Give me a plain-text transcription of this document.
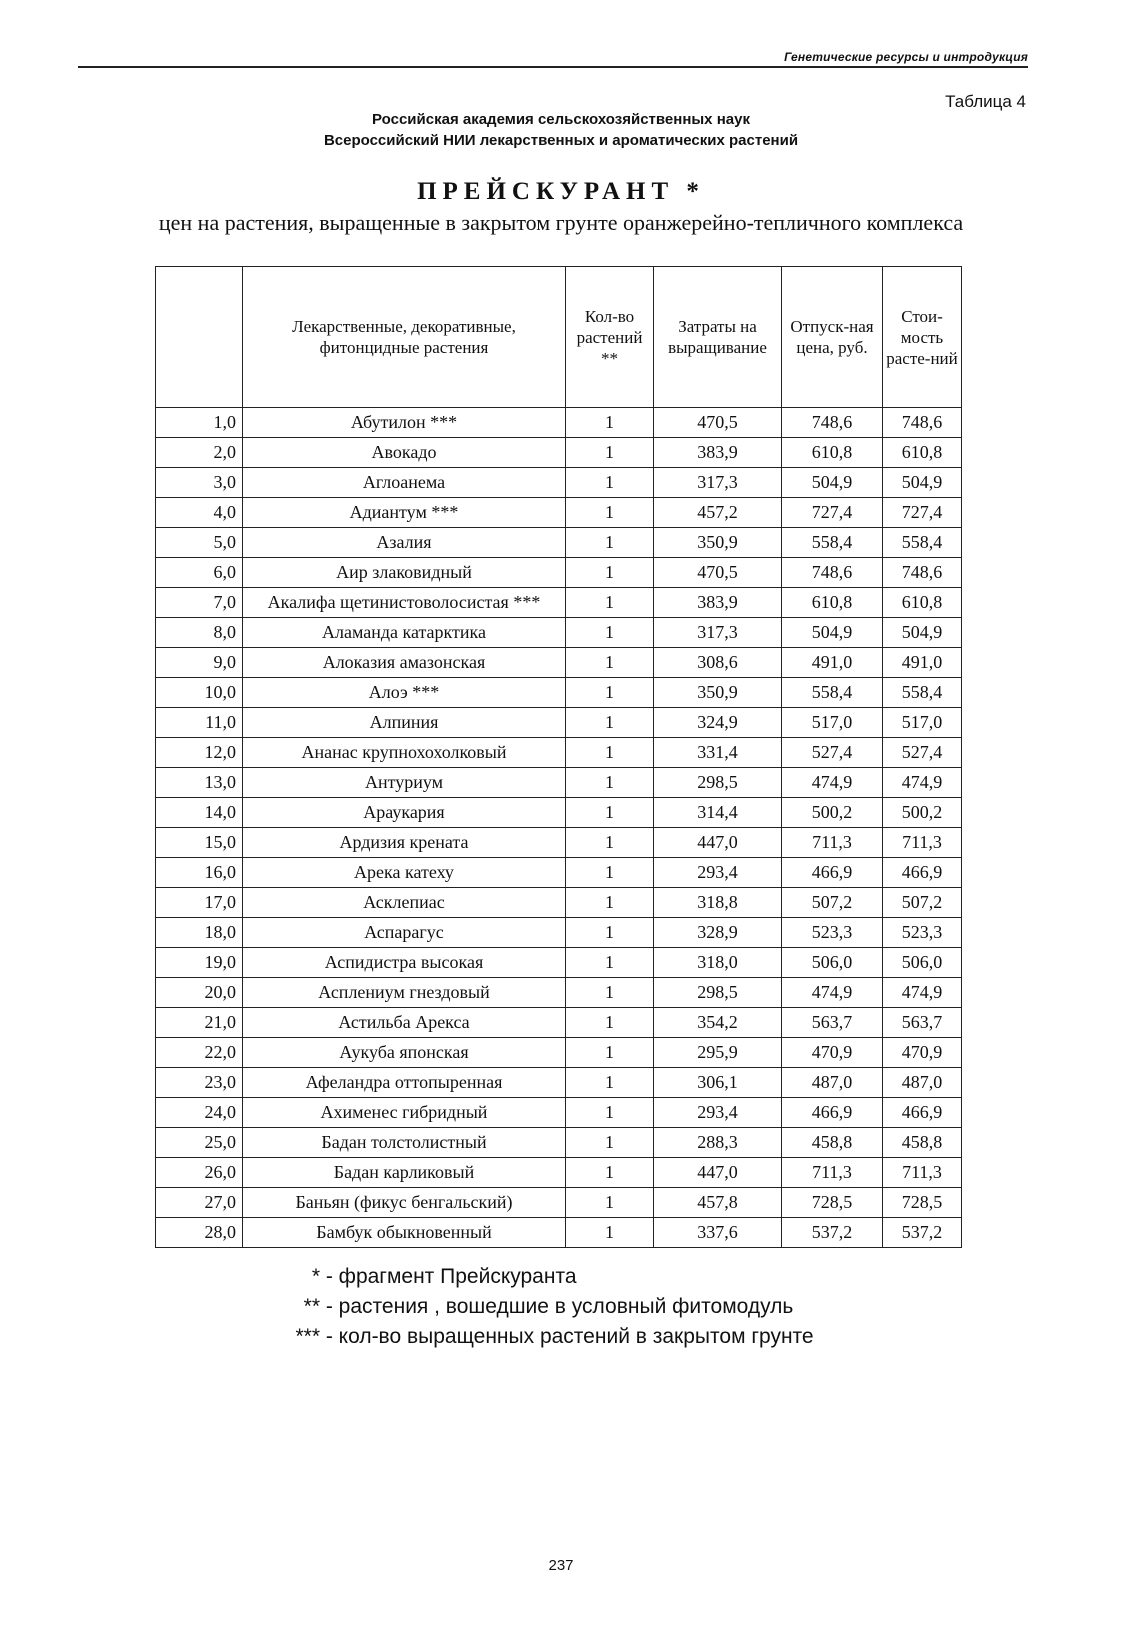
Генетические ресурсы и интродукция
Таблица 4
Российская академия сельскохозяйственных наук
Всероссийский НИИ лекарственных и ароматических растений
ПРЕЙСКУРАНТ *
цен на растения, выращенные в закрытом грунте оранжерейно-тепличного комплекса
	Лекарственные, декоративные, фитонцидные растения	Кол-во растений **	Затраты на выращивание	Отпуск-ная цена, руб.	Стои-мость расте-ний
1,0	Абутилон ***	1	470,5	748,6	748,6
2,0	Авокадо	1	383,9	610,8	610,8
3,0	Аглоанема	1	317,3	504,9	504,9
4,0	Адиантум ***	1	457,2	727,4	727,4
5,0	Азалия	1	350,9	558,4	558,4
6,0	Аир злаковидный	1	470,5	748,6	748,6
7,0	Акалифа щетинистоволосистая ***	1	383,9	610,8	610,8
8,0	Аламанда катарктика	1	317,3	504,9	504,9
9,0	Алоказия амазонская	1	308,6	491,0	491,0
10,0	Алоэ ***	1	350,9	558,4	558,4
11,0	Алпиния	1	324,9	517,0	517,0
12,0	Ананас крупнохохолковый	1	331,4	527,4	527,4
13,0	Антуриум	1	298,5	474,9	474,9
14,0	Араукария	1	314,4	500,2	500,2
15,0	Ардизия крената	1	447,0	711,3	711,3
16,0	Арека катеху	1	293,4	466,9	466,9
17,0	Асклепиас	1	318,8	507,2	507,2
18,0	Аспарагус	1	328,9	523,3	523,3
19,0	Аспидистра высокая	1	318,0	506,0	506,0
20,0	Асплениум гнездовый	1	298,5	474,9	474,9
21,0	Астильба Арекса	1	354,2	563,7	563,7
22,0	Аукуба японская	1	295,9	470,9	470,9
23,0	Афеландра оттопыренная	1	306,1	487,0	487,0
24,0	Ахименес гибридный	1	293,4	466,9	466,9
25,0	Бадан толстолистный	1	288,3	458,8	458,8
26,0	Бадан карликовый	1	447,0	711,3	711,3
27,0	Баньян (фикус бенгальский)	1	457,8	728,5	728,5
28,0	Бамбук обыкновенный	1	337,6	537,2	537,2
* - фрагмент Прейскуранта
** - растения , вошедшие в условный фитомодуль
*** - кол-во выращенных растений в закрытом грунте
237
